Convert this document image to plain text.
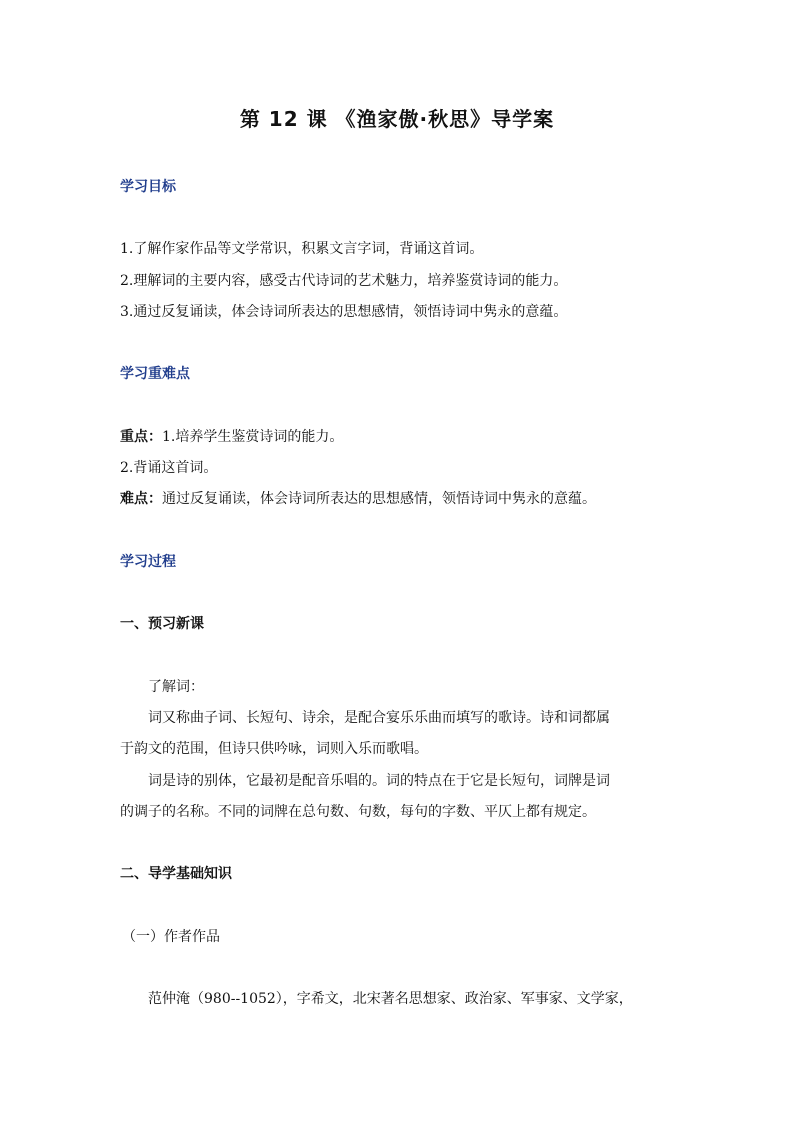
第 12 课 《渔家傲·秋思》导学案
学习目标
1.了解作家作品等文学常识，积累文言字词，背诵这首词。
2.理解词的主要内容，感受古代诗词的艺术魅力，培养鉴赏诗词的能力。
3.通过反复诵读，体会诗词所表达的思想感情，领悟诗词中隽永的意蕴。
学习重难点
重点：1.培养学生鉴赏诗词的能力。
2.背诵这首词。
难点：通过反复诵读，体会诗词所表达的思想感情，领悟诗词中隽永的意蕴。
学习过程
一、预习新课
了解词：
词又称曲子词、长短句、诗余，是配合宴乐乐曲而填写的歌诗。诗和词都属
于韵文的范围，但诗只供吟咏，词则入乐而歌唱。
词是诗的别体，它最初是配音乐唱的。词的特点在于它是长短句，词牌是词
的调子的名称。不同的词牌在总句数、句数，每句的字数、平仄上都有规定。
二、导学基础知识
（一）作者作品
范仲淹（980--1052），字希文，北宋著名思想家、政治家、军事家、文学家，
